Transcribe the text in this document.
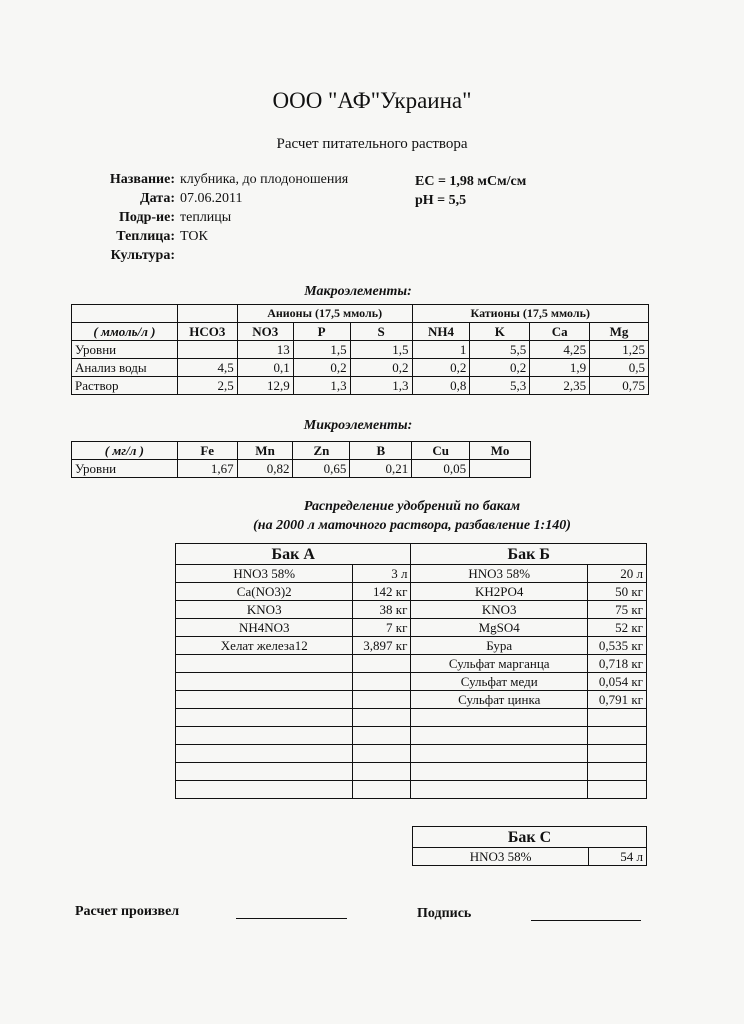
ООО "АФ"Украина"
Расчет питательного раствора
Название: клубника, до плодоношения
Дата: 07.06.2011
Подр-ие: теплицы
Теплица: ТОК
Культура:
EC = 1,98 мСм/см
pH = 5,5
Макроэлементы:
		Анионы (17,5 ммоль)			Катионы (17,5 ммоль)			
( ммоль/л )	HCO3	NO3	P	S	NH4	K	Ca	Mg
Уровни		13	1,5	1,5	1	5,5	4,25	1,25
Анализ воды	4,5	0,1	0,2	0,2	0,2	0,2	1,9	0,5
Раствор	2,5	12,9	1,3	1,3	0,8	5,3	2,35	0,75
Микроэлементы:
( мг/л )	Fe	Mn	Zn	B	Cu	Mo
Уровни	1,67	0,82	0,65	0,21	0,05	
Распределение удобрений по бакам
(на 2000 л маточного раствора, разбавление 1:140)
Бак А		Бак Б	
HNO3 58%	3 л	HNO3 58%	20 л
Ca(NO3)2	142 кг	KH2PO4	50 кг
KNO3	38 кг	KNO3	75 кг
NH4NO3	7 кг	MgSO4	52 кг
Хелат железа12	3,897 кг	Бура	0,535 кг
		Сульфат марганца	0,718 кг
		Сульфат меди	0,054 кг
		Сульфат цинка	0,791 кг

Бак С
HNO3 58%	54 л
Расчет произвел	Подпись
